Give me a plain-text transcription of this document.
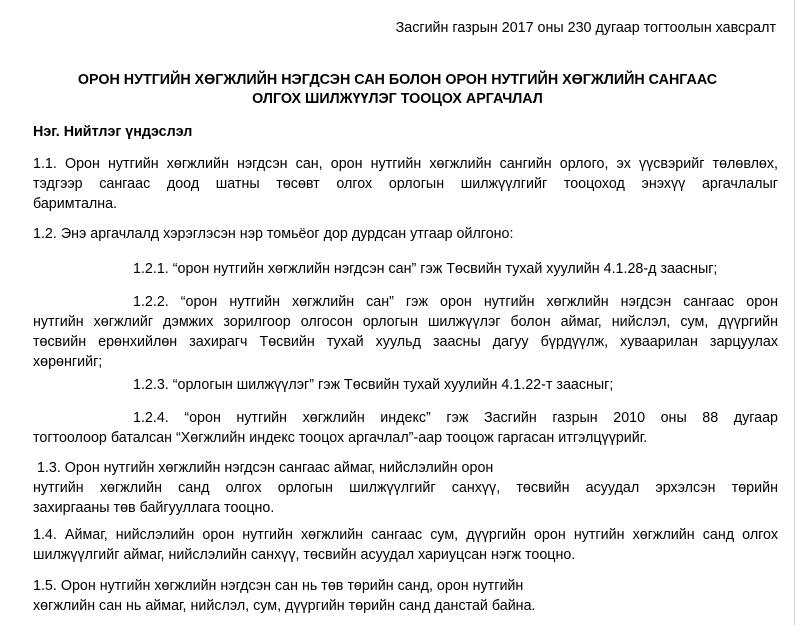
Засгийн газрын 2017 оны 230 дугаар тогтоолын хавсралт
ОРОН НУТГИЙН ХӨГЖЛИЙН НЭГДСЭН САН БОЛОН ОРОН НУТГИЙН ХӨГЖЛИЙН САНГААС
ОЛГОХ ШИЛЖҮҮЛЭГ ТООЦОХ АРГАЧЛАЛ
Нэг. Нийтлэг үндэслэл
1.1. Орон нутгийн хөгжлийн нэгдсэн сан, орон нутгийн хөгжлийн сангийн орлого, эх үүсвэрийг төлөвлөх,
тэдгээр сангаас доод шатны төсөвт олгох орлогын шилжүүлгийг тооцоход энэхүү аргачлалыг
баримтална.
1.2. Энэ аргачлалд хэрэглэсэн нэр томьёог дор дурдсан утгаар ойлгоно:
1.2.1. “орон нутгийн хөгжлийн нэгдсэн сан” гэж Төсвийн тухай хуулийн 4.1.28-д заасныг;
1.2.2. “орон нутгийн хөгжлийн сан” гэж орон нутгийн хөгжлийн нэгдсэн сангаас орон
нутгийн хөгжлийг дэмжих зорилгоор олгосон орлогын шилжүүлэг болон аймаг, нийслэл, сум, дүүргийн
төсвийн ерөнхийлөн захирагч Төсвийн тухай хуульд заасны дагуу бүрдүүлж, хуваарилан зарцуулах
хөрөнгийг;
1.2.3. “орлогын шилжүүлэг” гэж Төсвийн тухай хуулийн 4.1.22-т заасныг;
1.2.4. “орон нутгийн хөгжлийн индекс” гэж Засгийн газрын 2010 оны 88 дугаар
тогтоолоор баталсан “Хөгжлийн индекс тооцох аргачлал”-аар тооцож гаргасан итгэлцүүрийг.
1.3. Орон нутгийн хөгжлийн нэгдсэн сангаас аймаг, нийслэлийн орон
нутгийн хөгжлийн санд олгох орлогын шилжүүлгийг санхүү, төсвийн асуудал эрхэлсэн төрийн
захиргааны төв байгууллага тооцно.
1.4. Аймаг, нийслэлийн орон нутгийн хөгжлийн сангаас сум, дүүргийн орон нутгийн хөгжлийн санд олгох
шилжүүлгийг аймаг, нийслэлийн санхүү, төсвийн асуудал хариуцсан нэгж тооцно.
1.5. Орон нутгийн хөгжлийн нэгдсэн сан нь төв төрийн санд, орон нутгийн
хөгжлийн сан нь аймаг, нийслэл, сум, дүүргийн төрийн санд данстай байна.
